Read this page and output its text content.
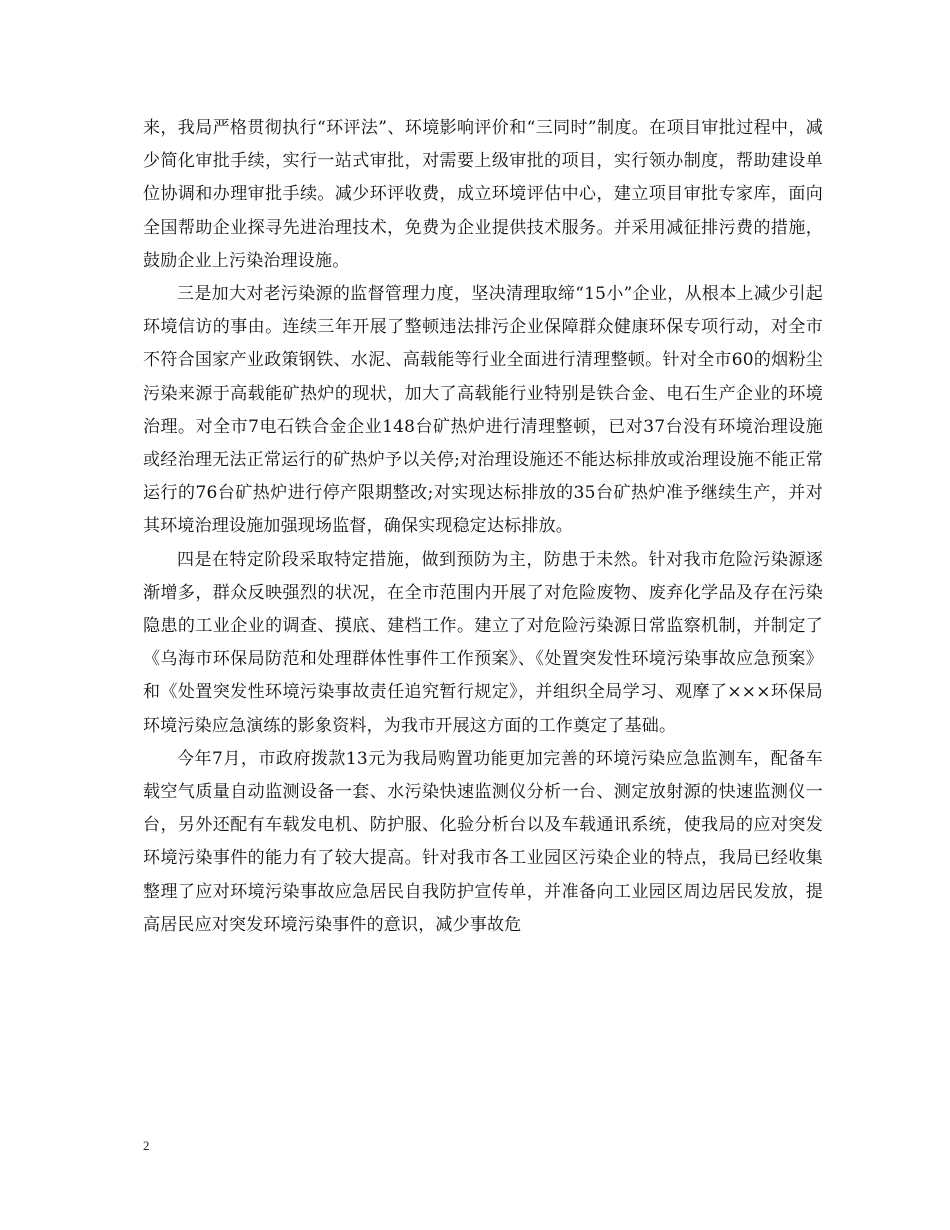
来，我局严格贯彻执行“环评法”、环境影响评价和“三同时”制度。在项目审批过程中，减少简化审批手续，实行一站式审批，对需要上级审批的项目，实行领办制度，帮助建设单位协调和办理审批手续。减少环评收费，成立环境评估中心，建立项目审批专家库，面向全国帮助企业探寻先进治理技术，免费为企业提供技术服务。并采用减征排污费的措施，鼓励企业上污染治理设施。

三是加大对老污染源的监督管理力度，坚决清理取缔“15小”企业，从根本上减少引起环境信访的事由。连续三年开展了整顿违法排污企业保障群众健康环保专项行动，对全市不符合国家产业政策钢铁、水泥、高载能等行业全面进行清理整顿。针对全市60的烟粉尘污染来源于高载能矿热炉的现状，加大了高载能行业特别是铁合金、电石生产企业的环境治理。对全市7电石铁合金企业148台矿热炉进行清理整顿，已对37台没有环境治理设施或经治理无法正常运行的矿热炉予以关停;对治理设施还不能达标排放或治理设施不能正常运行的76台矿热炉进行停产限期整改;对实现达标排放的35台矿热炉准予继续生产，并对其环境治理设施加强现场监督，确保实现稳定达标排放。

四是在特定阶段采取特定措施，做到预防为主，防患于未然。针对我市危险污染源逐渐增多，群众反映强烈的状况，在全市范围内开展了对危险废物、废弃化学品及存在污染隐患的工业企业的调查、摸底、建档工作。建立了对危险污染源日常监察机制，并制定了《乌海市环保局防范和处理群体性事件工作预案》、《处置突发性环境污染事故应急预案》和《处置突发性环境污染事故责任追究暂行规定》，并组织全局学习、观摩了×××环保局环境污染应急演练的影象资料，为我市开展这方面的工作奠定了基础。

今年7月，市政府拨款13元为我局购置功能更加完善的环境污染应急监测车，配备车载空气质量自动监测设备一套、水污染快速监测仪分析一台、测定放射源的快速监测仪一台，另外还配有车载发电机、防护服、化验分析台以及车载通讯系统，使我局的应对突发环境污染事件的能力有了较大提高。针对我市各工业园区污染企业的特点，我局已经收集整理了应对环境污染事故应急居民自我防护宣传单，并准备向工业园区周边居民发放，提高居民应对突发环境污染事件的意识，减少事故危

2
